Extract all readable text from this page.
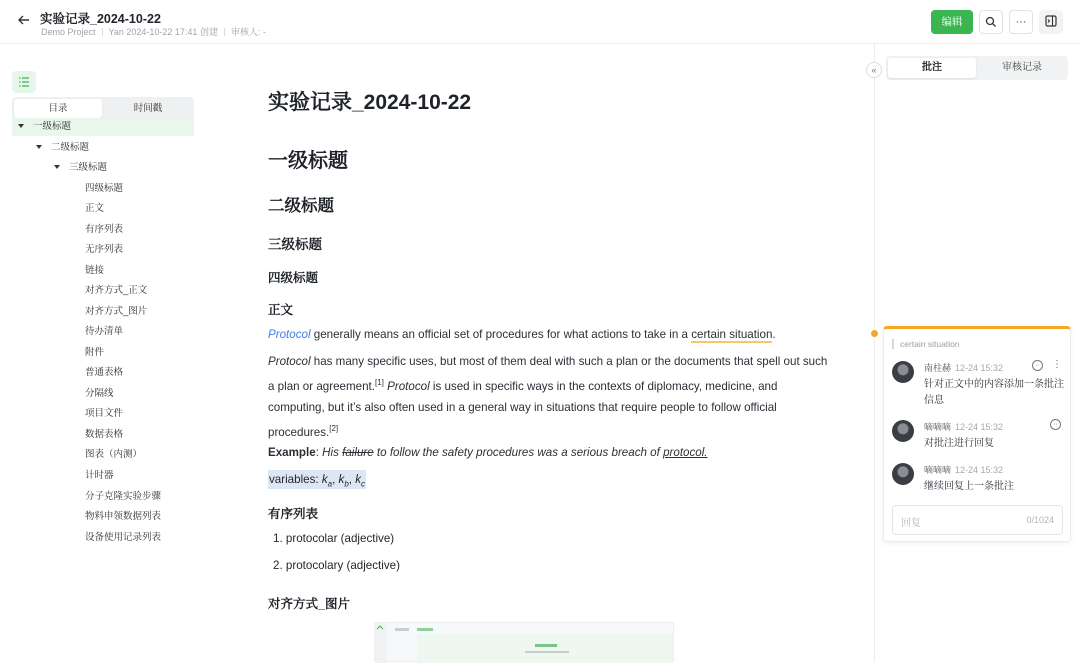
实验记录_2024-10-22
Demo Project Yan 2024-10-22 17:41 创建 审核人: -
编辑	···
目录	时间戳
一级标题
二级标题
三级标题
四级标题
正文
有序列表
无序列表
链接
对齐方式_正文
对齐方式_图片
待办清单
附件
普通表格
分隔线
项目文件
数据表格
图表（内测）
计时器
分子克隆实验步骤
物料申领数据列表
设备使用记录列表
实验记录_2024-10-22
一级标题
二级标题
三级标题
四级标题
正文
Protocol generally means an official set of procedures for what actions to take in a certain situation.
Protocol has many specific uses, but most of them deal with such a plan or the documents that spell out such a plan or agreement.[1] Protocol is used in specific ways in the contexts of diplomacy, medicine, and computing, but it’s also often used in a general way in situations that require people to follow official procedures.[2]
Example: His failure to follow the safety procedures was a serious breach of protocol.
variables: $k_a$, $k_b$, $k_c$
有序列表
1. protocolar (adjective)
2. protocolary (adjective)
对齐方式_图片
«	批注	审核记录
certain situation
南柱赫 12-24 15:32	··	⋮
针对正文中的内容添加一条批注信息
嘀嘀嘀 12-24 15:32	··
对批注进行回复
嘀嘀嘀 12-24 15:32
继续回复上一条批注
回复	0/1024
